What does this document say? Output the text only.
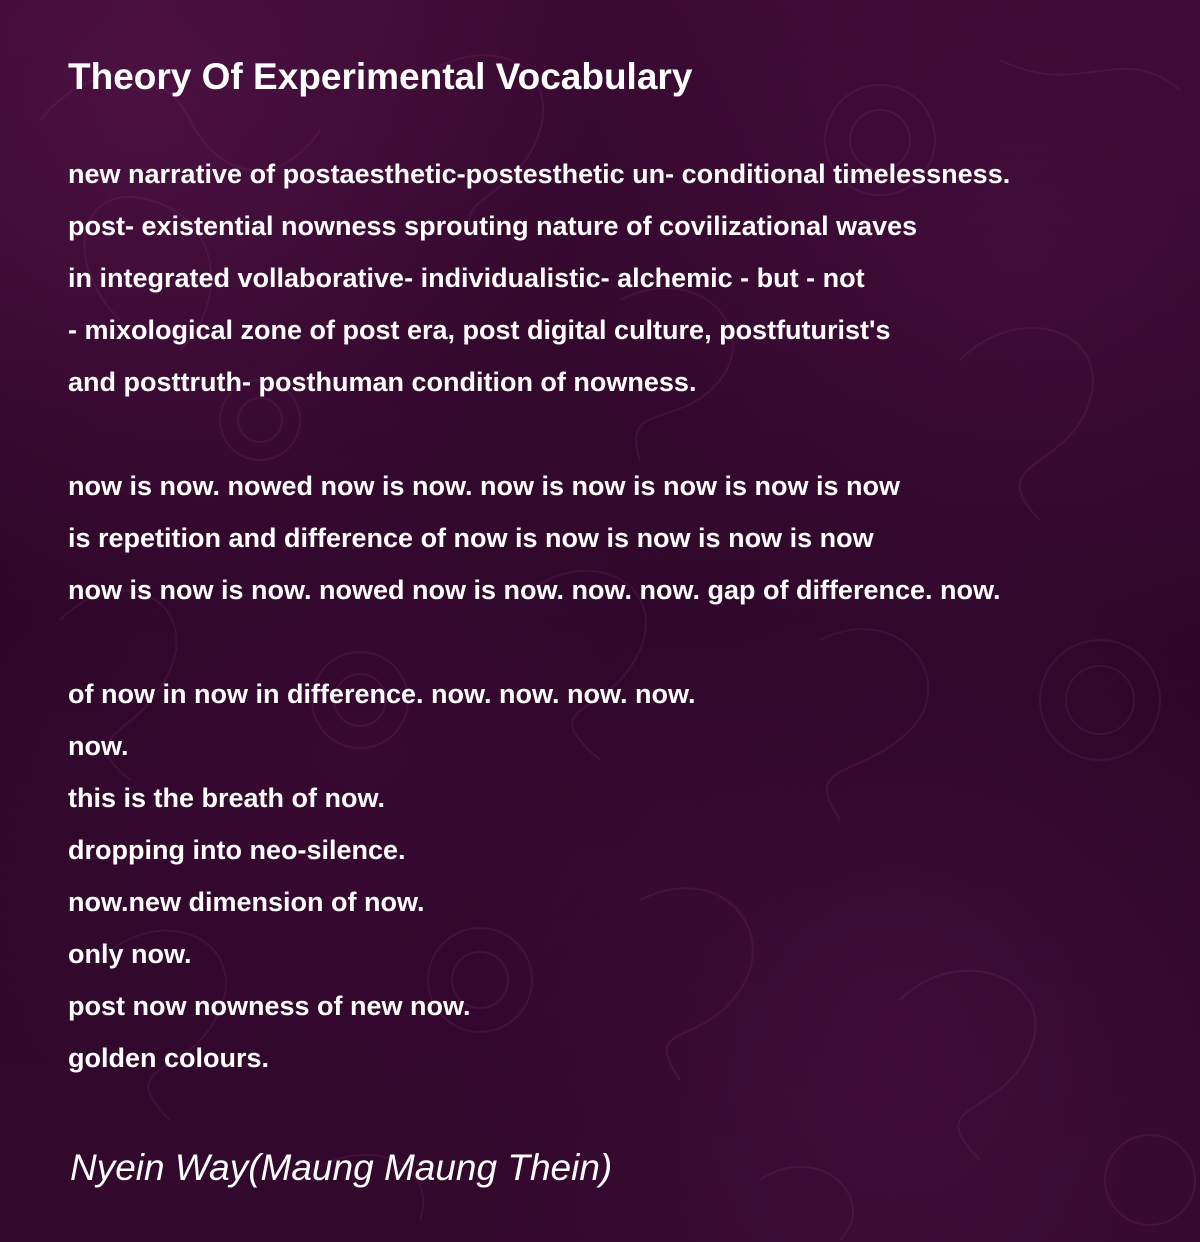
Theory Of Experimental Vocabulary
new narrative of postaesthetic-postesthetic un- conditional timelessness.
post- existential nowness sprouting nature of covilizational waves
in integrated vollaborative- individualistic- alchemic - but - not
- mixological zone of post era, post digital culture, postfuturist's
and posttruth- posthuman condition of nowness.
now is now. nowed now is now. now is now is now is now is now
is repetition and difference of now is now is now is now is now
now is now is now. nowed now is now. now. now. gap of difference. now.
of now in now in difference. now. now. now. now.
now.
this is the breath of now.
dropping into neo-silence.
now.new dimension of now.
only now.
post now nowness of new now.
golden colours.
Nyein Way(Maung Maung Thein)
